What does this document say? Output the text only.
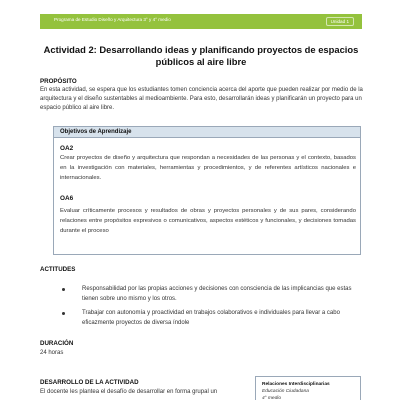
Programa de Estudio Diseño y Arquitectura 3° y 4° medio	Unidad 1
Actividad 2: Desarrollando ideas y planificando proyectos de espacios públicos al aire libre
PROPÓSITO

En esta actividad, se espera que los estudiantes tomen conciencia acerca del aporte que pueden realizar por medio de la arquitectura y el diseño sustentables al medioambiente. Para esto, desarrollarán ideas y planificarán un proyecto para un espacio público al aire libre.

Objetivos de Aprendizaje
OA2

Crear proyectos de diseño y arquitectura que respondan a necesidades de las personas y el contexto, basados en la investigación con materiales, herramientas y procedimientos, y de referentes artísticos nacionales e internacionales.

OA6

Evaluar críticamente procesos y resultados de obras y proyectos personales y de sus pares, considerando relaciones entre propósitos expresivos o comunicativos, aspectos estéticos y funcionales, y decisiones tomadas durante el proceso

ACTITUDES
Responsabilidad por las propias acciones y decisiones con consciencia de las implicancias que estas tienen sobre uno mismo y los otros.
Trabajar con autonomía y proactividad en trabajos colaborativos e individuales para llevar a cabo eficazmente proyectos de diversa índole
DURACIÓN
24 horas
DESARROLLO DE LA ACTIVIDAD

El docente les plantea el desafío de desarrollar en forma grupal un

Relaciones Interdisciplinarias
Educación Ciudadana
4° medio
